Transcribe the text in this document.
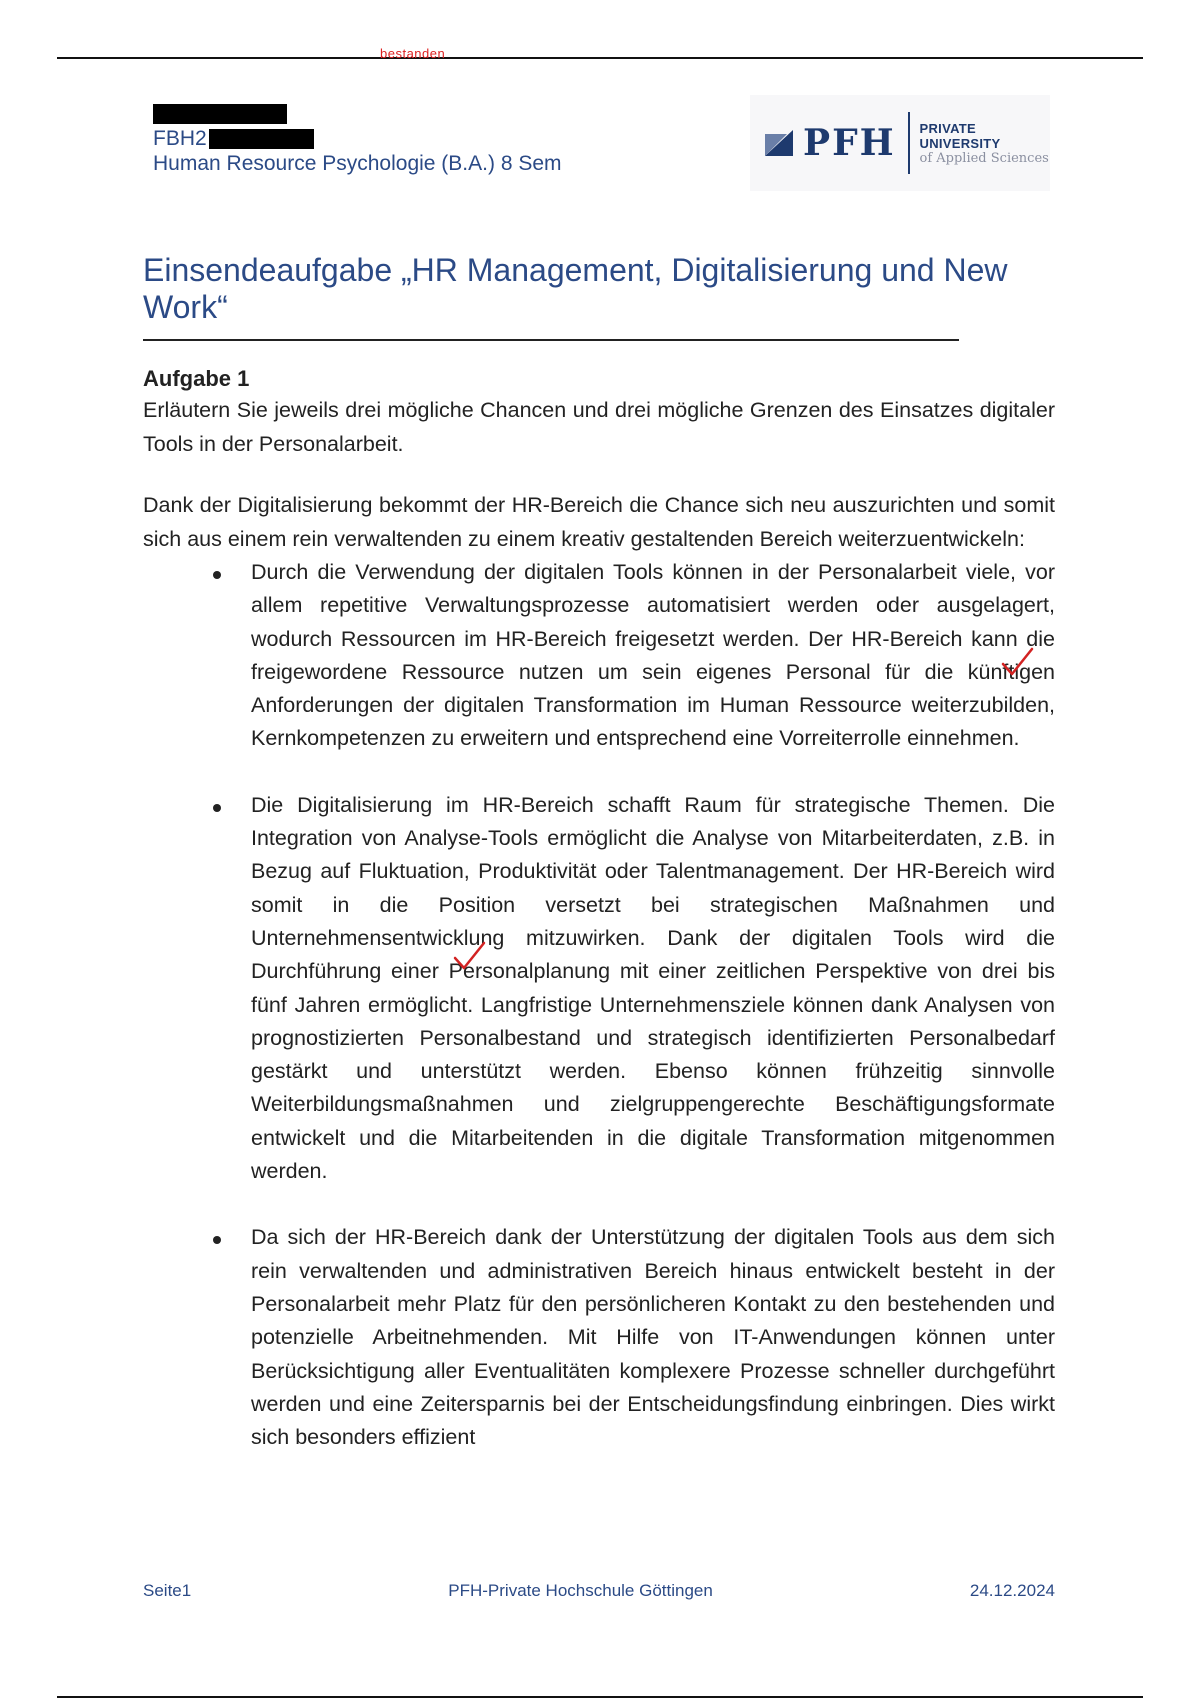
bestanden
FBH2
Human Resource Psychologie (B.A.) 8 Sem	PFH PRIVATE UNIVERSITY
of Applied Sciences
Einsendeaufgabe „HR Management, Digitalisierung und New Work“
Aufgabe 1

Erläutern Sie jeweils drei mögliche Chancen und drei mögliche Grenzen des Einsatzes digitaler Tools in der Personalarbeit.

Dank der Digitalisierung bekommt der HR-Bereich die Chance sich neu auszurichten und somit sich aus einem rein verwaltenden zu einem kreativ gestaltenden Bereich weiterzuentwickeln:

Durch die Verwendung der digitalen Tools können in der Personalarbeit viele, vor allem repetitive Verwaltungsprozesse automatisiert werden oder ausgelagert, wodurch Ressourcen im HR-Bereich freigesetzt werden. Der HR-Bereich kann die freigewordene Ressource nutzen um sein eigenes Personal für die künftigen Anforderungen der digitalen Transformation im Human Ressource weiterzubilden, Kernkompetenzen zu erweitern und entsprechend eine Vorreiterrolle einnehmen.
Die Digitalisierung im HR-Bereich schafft Raum für strategische Themen. Die Integration von Analyse-Tools ermöglicht die Analyse von Mitarbeiterdaten, z.B. in Bezug auf Fluktuation, Produktivität oder Talentmanagement. Der HR-Bereich wird somit in die Position versetzt bei strategischen Maßnahmen und Unternehmensentwicklung mitzuwirken. Dank der digitalen Tools wird die Durchführung einer Personalplanung mit einer zeitlichen Perspektive von drei bis fünf Jahren ermöglicht. Langfristige Unternehmensziele können dank Analysen von prognostizierten Personalbestand und strategisch identifizierten Personalbedarf gestärkt und unterstützt werden. Ebenso können frühzeitig sinnvolle Weiterbildungsmaßnahmen und zielgruppengerechte Beschäftigungsformate entwickelt und die Mitarbeitenden in die digitale Transformation mitgenommen werden.
Da sich der HR-Bereich dank der Unterstützung der digitalen Tools aus dem sich rein verwaltenden und administrativen Bereich hinaus entwickelt besteht in der Personalarbeit mehr Platz für den persönlicheren Kontakt zu den bestehenden und potenzielle Arbeitnehmenden. Mit Hilfe von IT-Anwendungen können unter Berücksichtigung aller Eventualitäten komplexere Prozesse schneller durchgeführt werden und eine Zeitersparnis bei der Entscheidungsfindung einbringen. Dies wirkt sich besonders effizient
Seite1	PFH-Private Hochschule Göttingen	24.12.2024
